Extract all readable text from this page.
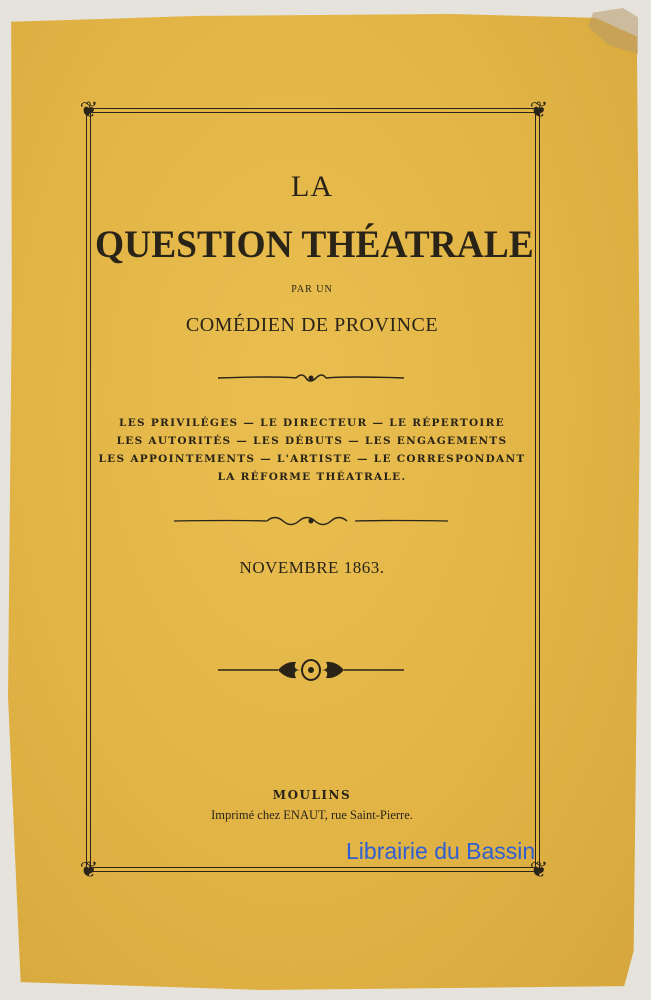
❦	❦
❦	❦
LA
QUESTION THÉATRALE
PAR UN
COMÉDIEN DE PROVINCE
LES PRIVILÉGES — LE DIRECTEUR — LE RÉPERTOIRE
LES AUTORITÉS — LES DÉBUTS — LES ENGAGEMENTS
LES APPOINTEMENTS — L'ARTISTE — LE CORRESPONDANT
LA RÉFORME THÉATRALE.
NOVEMBRE 1863.
MOULINS
Imprimé chez ENAUT, rue Saint-Pierre.
Librairie du Bassin
